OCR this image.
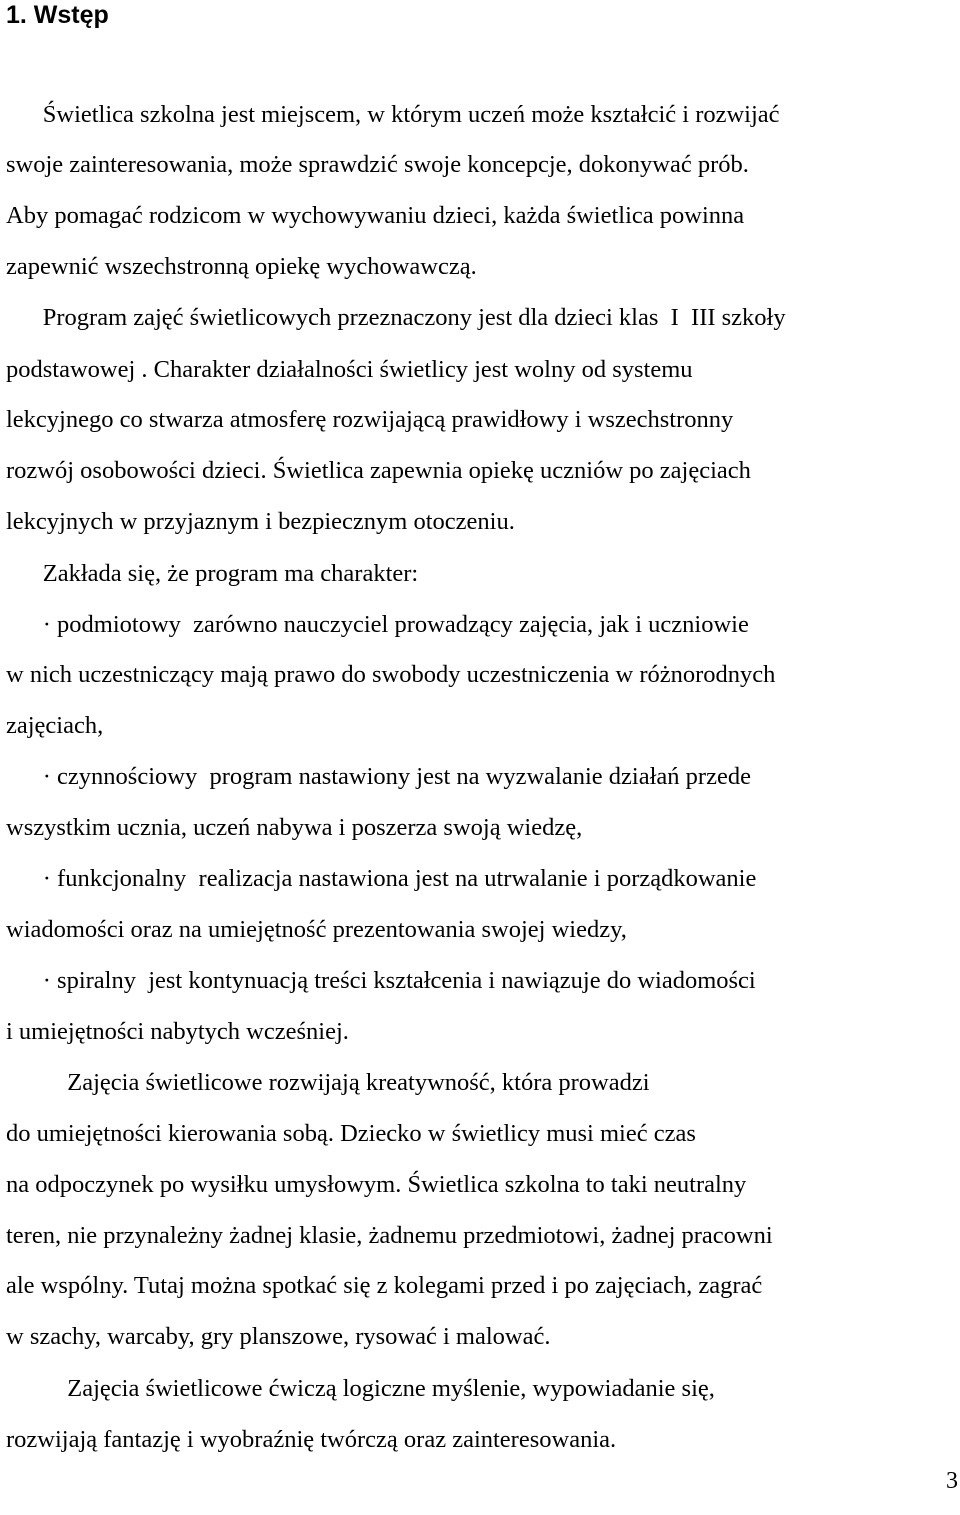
1. Wstęp

Świetlica szkolna jest miejscem, w którym uczeń może kształcić i rozwijać

swoje zainteresowania, może sprawdzić swoje koncepcje, dokonywać prób.

Aby pomagać rodzicom w wychowywaniu dzieci, każda świetlica powinna

zapewnić wszechstronną opiekę wychowawczą.

Program zajęć świetlicowych przeznaczony jest dla dzieci klas  I  III szkoły

podstawowej . Charakter działalności świetlicy jest wolny od systemu

lekcyjnego co stwarza atmosferę rozwijającą prawidłowy i wszechstronny

rozwój osobowości dzieci. Świetlica zapewnia opiekę uczniów po zajęciach

lekcyjnych w przyjaznym i bezpiecznym otoczeniu.

Zakłada się, że program ma charakter:

· podmiotowy  zarówno nauczyciel prowadzący zajęcia, jak i uczniowie

w nich uczestniczący mają prawo do swobody uczestniczenia w różnorodnych

zajęciach,

· czynnościowy  program nastawiony jest na wyzwalanie działań przede

wszystkim ucznia, uczeń nabywa i poszerza swoją wiedzę,

· funkcjonalny  realizacja nastawiona jest na utrwalanie i porządkowanie

wiadomości oraz na umiejętność prezentowania swojej wiedzy,

· spiralny  jest kontynuacją treści kształcenia i nawiązuje do wiadomości

i umiejętności nabytych wcześniej.

Zajęcia świetlicowe rozwijają kreatywność, która prowadzi

do umiejętności kierowania sobą. Dziecko w świetlicy musi mieć czas

na odpoczynek po wysiłku umysłowym. Świetlica szkolna to taki neutralny

teren, nie przynależny żadnej klasie, żadnemu przedmiotowi, żadnej pracowni

ale wspólny. Tutaj można spotkać się z kolegami przed i po zajęciach, zagrać

w szachy, warcaby, gry planszowe, rysować i malować.

Zajęcia świetlicowe ćwiczą logiczne myślenie, wypowiadanie się,

rozwijają fantazję i wyobraźnię twórczą oraz zainteresowania.

3
